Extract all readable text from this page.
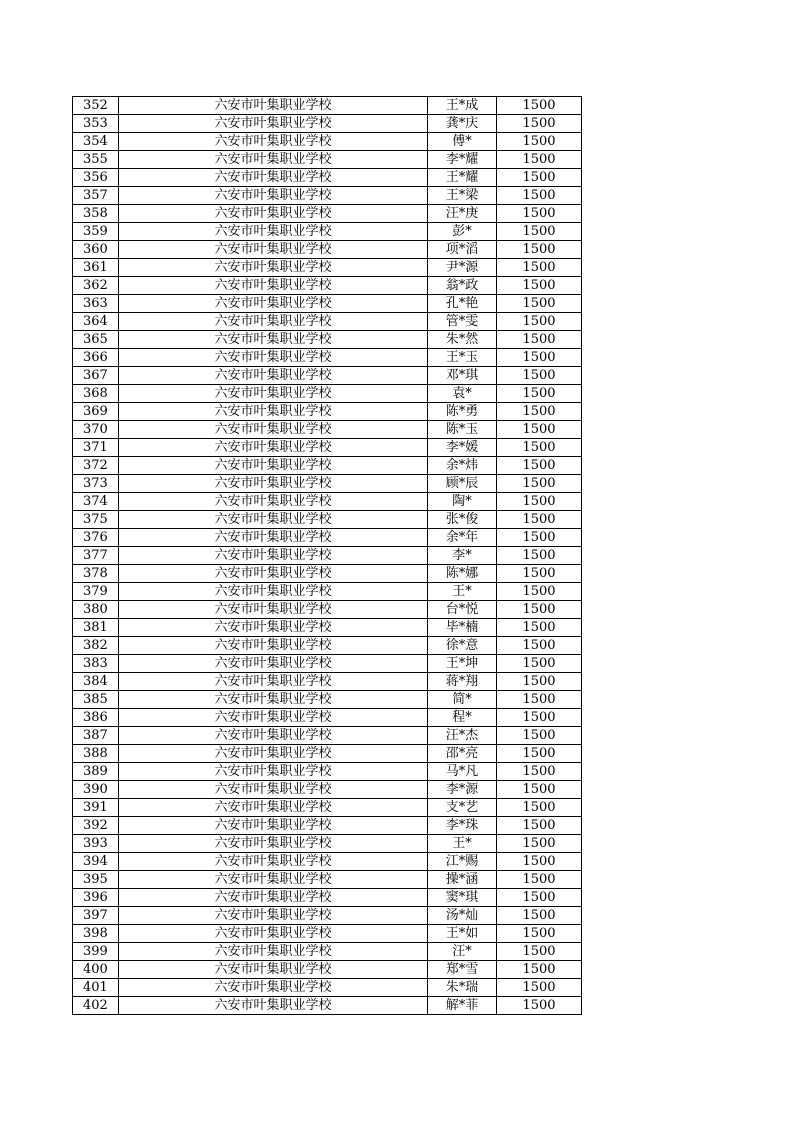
352	六安市叶集职业学校	王*成	1500
353	六安市叶集职业学校	龚*庆	1500
354	六安市叶集职业学校	傅*	1500
355	六安市叶集职业学校	李*耀	1500
356	六安市叶集职业学校	王*耀	1500
357	六安市叶集职业学校	王*梁	1500
358	六安市叶集职业学校	汪*庚	1500
359	六安市叶集职业学校	彭*	1500
360	六安市叶集职业学校	项*滔	1500
361	六安市叶集职业学校	尹*源	1500
362	六安市叶集职业学校	翁*政	1500
363	六安市叶集职业学校	孔*艳	1500
364	六安市叶集职业学校	管*雯	1500
365	六安市叶集职业学校	朱*然	1500
366	六安市叶集职业学校	王*玉	1500
367	六安市叶集职业学校	邓*琪	1500
368	六安市叶集职业学校	袁*	1500
369	六安市叶集职业学校	陈*勇	1500
370	六安市叶集职业学校	陈*玉	1500
371	六安市叶集职业学校	李*媛	1500
372	六安市叶集职业学校	余*炜	1500
373	六安市叶集职业学校	顾*辰	1500
374	六安市叶集职业学校	陶*	1500
375	六安市叶集职业学校	张*俊	1500
376	六安市叶集职业学校	余*年	1500
377	六安市叶集职业学校	李*	1500
378	六安市叶集职业学校	陈*娜	1500
379	六安市叶集职业学校	王*	1500
380	六安市叶集职业学校	台*悦	1500
381	六安市叶集职业学校	毕*楠	1500
382	六安市叶集职业学校	徐*意	1500
383	六安市叶集职业学校	王*坤	1500
384	六安市叶集职业学校	蒋*翔	1500
385	六安市叶集职业学校	简*	1500
386	六安市叶集职业学校	程*	1500
387	六安市叶集职业学校	汪*杰	1500
388	六安市叶集职业学校	邵*亮	1500
389	六安市叶集职业学校	马*凡	1500
390	六安市叶集职业学校	李*源	1500
391	六安市叶集职业学校	支*艺	1500
392	六安市叶集职业学校	李*珠	1500
393	六安市叶集职业学校	王*	1500
394	六安市叶集职业学校	江*赐	1500
395	六安市叶集职业学校	操*涵	1500
396	六安市叶集职业学校	窦*琪	1500
397	六安市叶集职业学校	汤*灿	1500
398	六安市叶集职业学校	王*如	1500
399	六安市叶集职业学校	汪*	1500
400	六安市叶集职业学校	郑*雪	1500
401	六安市叶集职业学校	朱*瑞	1500
402	六安市叶集职业学校	解*菲	1500
